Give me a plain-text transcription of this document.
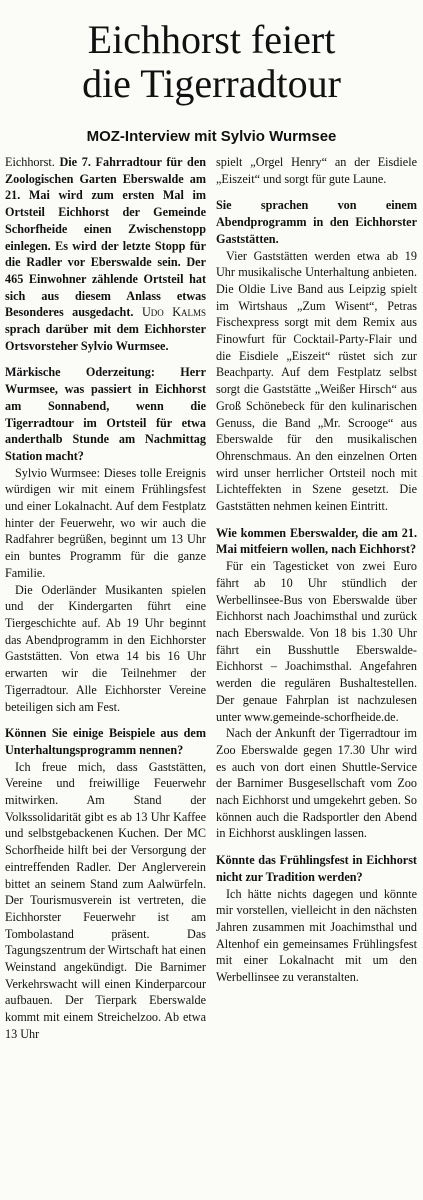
Eichhorst feiert
die Tigerradtour
MOZ-Interview mit Sylvio Wurmsee

Eichhorst. Die 7. Fahrradtour für den Zoologischen Garten Eberswalde am 21. Mai wird zum ersten Mal im Ortsteil Eichhorst der Gemeinde Schorfheide einen Zwischenstopp einlegen. Es wird der letzte Stopp für die Radler vor Eberswalde sein. Der 465 Einwohner zählende Ortsteil hat sich aus diesem Anlass etwas Besonderes ausgedacht. Udo Kalms sprach darüber mit dem Eichhorster Ortsvorsteher Sylvio Wurmsee.

Märkische Oderzeitung: Herr Wurmsee, was passiert in Eichhorst am Sonnabend, wenn die Tigerradtour im Ortsteil für etwa anderthalb Stunde am Nachmittag Station macht?

Sylvio Wurmsee: Dieses tolle Ereignis würdigen wir mit einem Frühlingsfest und einer Lokalnacht. Auf dem Festplatz hinter der Feuerwehr, wo wir auch die Radfahrer begrüßen, beginnt um 13 Uhr ein buntes Programm für die ganze Familie.

Die Oderländer Musikanten spielen und der Kindergarten führt eine Tiergeschichte auf. Ab 19 Uhr beginnt das Abendprogramm in den Eichhorster Gaststätten. Von etwa 14 bis 16 Uhr erwarten wir die Teilnehmer der Tigerradtour. Alle Eichhorster Vereine beteiligen sich am Fest.

Können Sie einige Beispiele aus dem Unterhaltungsprogramm nennen?

Ich freue mich, dass Gaststätten, Vereine und freiwillige Feuerwehr mitwirken. Am Stand der Volkssolidarität gibt es ab 13 Uhr Kaffee und selbstgebackenen Kuchen. Der MC Schorfheide hilft bei der Versorgung der eintreffenden Radler. Der Anglerverein bittet an seinem Stand zum Aalwürfeln. Der Tourismusverein ist vertreten, die Eichhorster Feuerwehr ist am Tombolastand präsent. Das Tagungszentrum der Wirtschaft hat einen Weinstand angekündigt. Die Barnimer Verkehrswacht will einen Kinderparcour aufbauen. Der Tierpark Eberswalde kommt mit einem Streichelzoo. Ab etwa 13 Uhr

spielt „Orgel Henry“ an der Eisdiele „Eiszeit“ und sorgt für gute Laune.

Sie sprachen von einem Abendprogramm in den Eichhorster Gaststätten.

Vier Gaststätten werden etwa ab 19 Uhr musikalische Unterhaltung anbieten. Die Oldie Live Band aus Leipzig spielt im Wirtshaus „Zum Wisent“, Petras Fischexpress sorgt mit dem Remix aus Finowfurt für Cocktail-Party-Flair und die Eisdiele „Eiszeit“ rüstet sich zur Beachparty. Auf dem Festplatz selbst sorgt die Gaststätte „Weißer Hirsch“ aus Groß Schönebeck für den kulinarischen Genuss, die Band „Mr. Scrooge“ aus Eberswalde für den musikalischen Ohrenschmaus. An den einzelnen Orten wird unser herrlicher Ortsteil noch mit Lichteffekten in Szene gesetzt. Die Gaststätten nehmen keinen Eintritt.

Wie kommen Eberswalder, die am 21. Mai mitfeiern wollen, nach Eichhorst?

Für ein Tagesticket von zwei Euro fährt ab 10 Uhr stündlich der Werbellinsee-Bus von Eberswalde über Eichhorst nach Joachimsthal und zurück nach Eberswalde. Von 18 bis 1.30 Uhr fährt ein Busshuttle Eberswalde-Eichhorst – Joachimsthal. Angefahren werden die regulären Bushaltestellen. Der genaue Fahrplan ist nachzulesen unter www.gemeinde-schorfheide.de.

Nach der Ankunft der Tigerradtour im Zoo Eberswalde gegen 17.30 Uhr wird es auch von dort einen Shuttle-Service der Barnimer Busgesellschaft vom Zoo nach Eichhorst und umgekehrt geben. So können auch die Radsportler den Abend in Eichhorst ausklingen lassen.

Könnte das Frühlingsfest in Eichhorst nicht zur Tradition werden?

Ich hätte nichts dagegen und könnte mir vorstellen, vielleicht in den nächsten Jahren zusammen mit Joachimsthal und Altenhof ein gemeinsames Frühlingsfest mit einer Lokalnacht mit um den Werbellinsee zu veranstalten.
